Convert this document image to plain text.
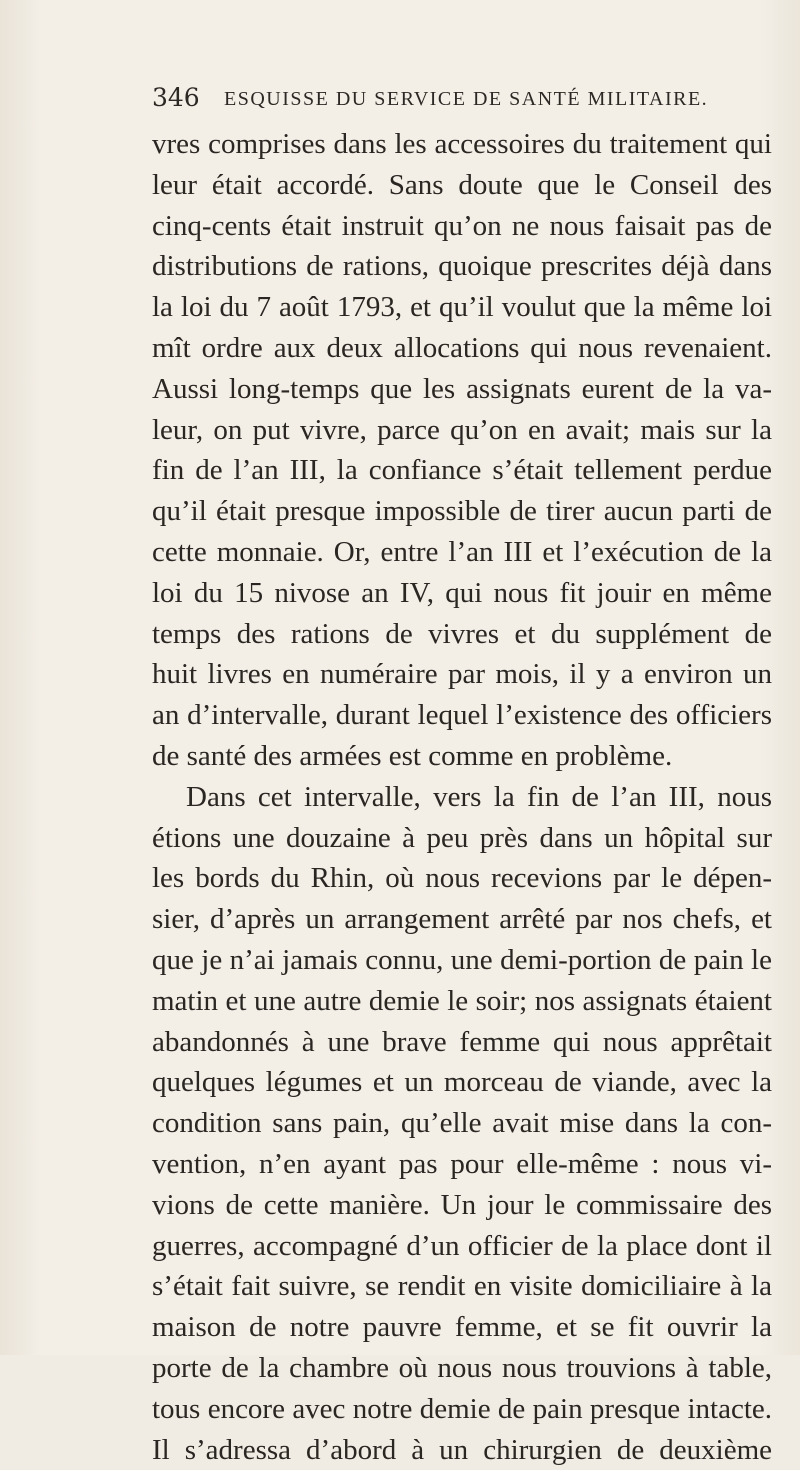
346 ESQUISSE DU SERVICE DE SANTÉ MILITAIRE.
vres comprises dans les accessoires du traitement qui
leur était accordé. Sans doute que le Conseil des
cinq-cents était instruit qu’on ne nous faisait pas de
distributions de rations, quoique prescrites déjà dans
la loi du 7 août 1793, et qu’il voulut que la même loi
mît ordre aux deux allocations qui nous revenaient.
Aussi long-temps que les assignats eurent de la va-
leur, on put vivre, parce qu’on en avait; mais sur la
fin de l’an III, la confiance s’était tellement perdue
qu’il était presque impossible de tirer aucun parti de
cette monnaie. Or, entre l’an III et l’exécution de la
loi du 15 nivose an IV, qui nous fit jouir en même
temps des rations de vivres et du supplément de
huit livres en numéraire par mois, il y a environ un
an d’intervalle, durant lequel l’existence des officiers
de santé des armées est comme en problème.
Dans cet intervalle, vers la fin de l’an III, nous
étions une douzaine à peu près dans un hôpital sur
les bords du Rhin, où nous recevions par le dépen-
sier, d’après un arrangement arrêté par nos chefs, et
que je n’ai jamais connu, une demi-portion de pain le
matin et une autre demie le soir; nos assignats étaient
abandonnés à une brave femme qui nous apprêtait
quelques légumes et un morceau de viande, avec la
condition sans pain, qu’elle avait mise dans la con-
vention, n’en ayant pas pour elle-même : nous vi-
vions de cette manière. Un jour le commissaire des
guerres, accompagné d’un officier de la place dont il
s’était fait suivre, se rendit en visite domiciliaire à la
maison de notre pauvre femme, et se fit ouvrir la
porte de la chambre où nous nous trouvions à table,
tous encore avec notre demie de pain presque intacte.
Il s’adressa d’abord à un chirurgien de deuxième
